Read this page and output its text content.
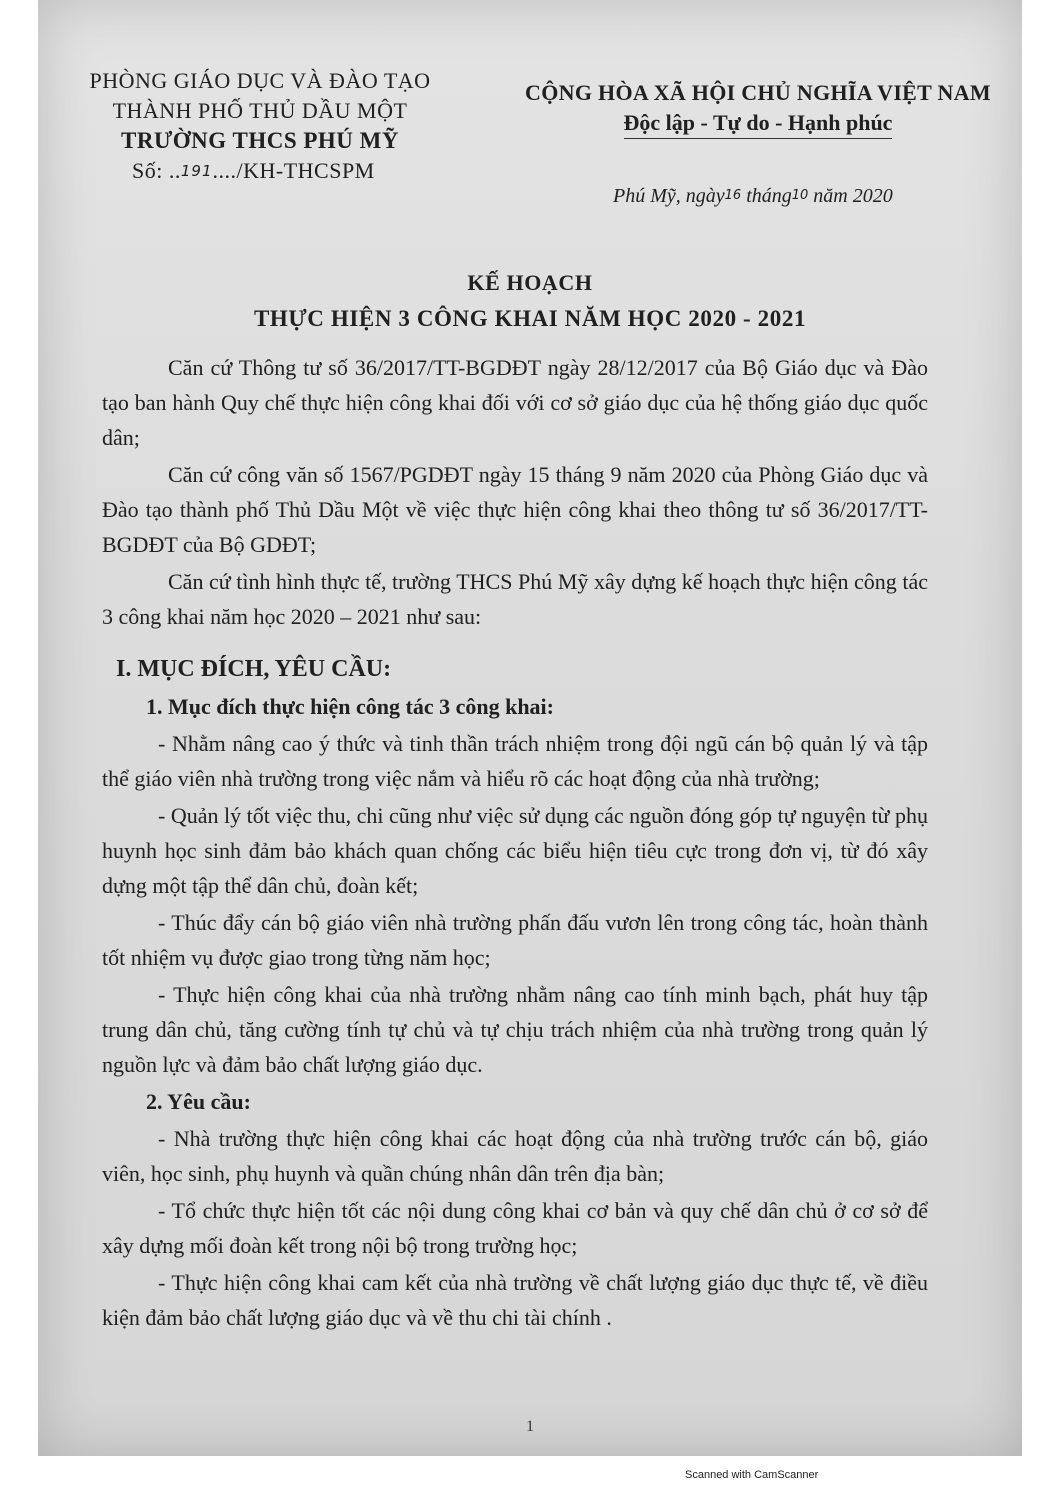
PHÒNG GIÁO DỤC VÀ ĐÀO TẠO
THÀNH PHỐ THỦ DẦU MỘT
TRƯỜNG THCS PHÚ MỸ
Số: ..191..../KH-THCSPM
CỘNG HÒA XÃ HỘI CHỦ NGHĨA VIỆT NAM
Độc lập - Tự do - Hạnh phúc
Phú Mỹ, ngày16 tháng10 năm 2020
KẾ HOẠCH
THỰC HIỆN 3 CÔNG KHAI NĂM HỌC 2020 - 2021

Căn cứ Thông tư số 36/2017/TT-BGDĐT ngày 28/12/2017 của Bộ Giáo dục và Đào tạo ban hành Quy chế thực hiện công khai đối với cơ sở giáo dục của hệ thống giáo dục quốc dân;

Căn cứ công văn số 1567/PGDĐT ngày 15 tháng 9 năm 2020 của Phòng Giáo dục và Đào tạo thành phố Thủ Dầu Một về việc thực hiện công khai theo thông tư số 36/2017/TT-BGDĐT của Bộ GDĐT;

Căn cứ tình hình thực tế, trường THCS Phú Mỹ xây dựng kế hoạch thực hiện công tác 3 công khai năm học 2020 – 2021 như sau:

I. MỤC ĐÍCH, YÊU CẦU:

1. Mục đích thực hiện công tác 3 công khai:

- Nhằm nâng cao ý thức và tinh thần trách nhiệm trong đội ngũ cán bộ quản lý và tập thể giáo viên nhà trường trong việc nắm và hiểu rõ các hoạt động của nhà trường;

- Quản lý tốt việc thu, chi cũng như việc sử dụng các nguồn đóng góp tự nguyện từ phụ huynh học sinh đảm bảo khách quan chống các biểu hiện tiêu cực trong đơn vị, từ đó xây dựng một tập thể dân chủ, đoàn kết;

- Thúc đẩy cán bộ giáo viên nhà trường phấn đấu vươn lên trong công tác, hoàn thành tốt nhiệm vụ được giao trong từng năm học;

- Thực hiện công khai của nhà trường nhằm nâng cao tính minh bạch, phát huy tập trung dân chủ, tăng cường tính tự chủ và tự chịu trách nhiệm của nhà trường trong quản lý nguồn lực và đảm bảo chất lượng giáo dục.

2. Yêu cầu:

- Nhà trường thực hiện công khai các hoạt động của nhà trường trước cán bộ, giáo viên, học sinh, phụ huynh và quần chúng nhân dân trên địa bàn;

- Tổ chức thực hiện tốt các nội dung công khai cơ bản và quy chế dân chủ ở cơ sở để xây dựng mối đoàn kết trong nội bộ trong trường học;

- Thực hiện công khai cam kết của nhà trường về chất lượng giáo dục thực tế, về điều kiện đảm bảo chất lượng giáo dục và về thu chi tài chính .

1
Scanned with CamScanner
